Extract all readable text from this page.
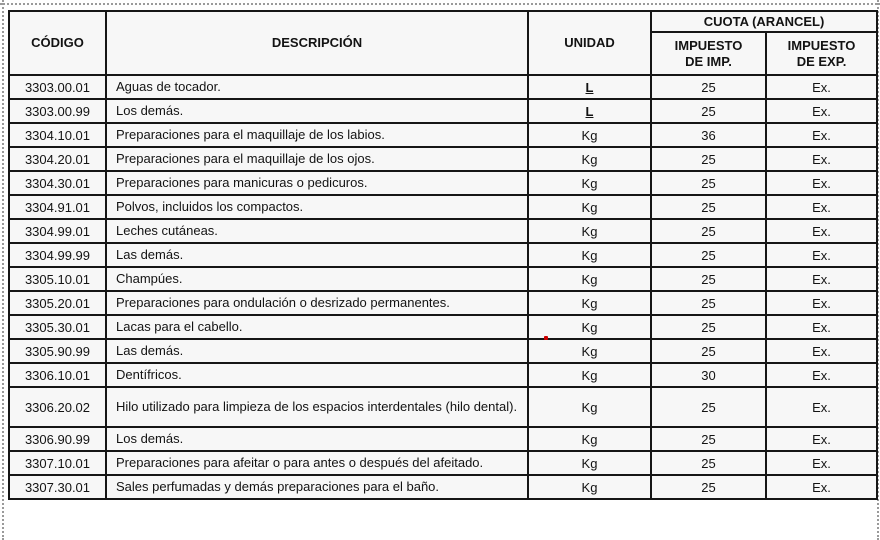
CÓDIGO	DESCRIPCIÓN	UNIDAD	CUOTA (ARANCEL)	
			IMPUESTO DE IMP.	IMPUESTO DE EXP.
3303.00.01	Aguas de tocador.	L	25	Ex.
3303.00.99	Los demás.	L	25	Ex.
3304.10.01	Preparaciones para el maquillaje de los labios.	Kg	36	Ex.
3304.20.01	Preparaciones para el maquillaje de los ojos.	Kg	25	Ex.
3304.30.01	Preparaciones para manicuras o pedicuros.	Kg	25	Ex.
3304.91.01	Polvos, incluidos los compactos.	Kg	25	Ex.
3304.99.01	Leches cutáneas.	Kg	25	Ex.
3304.99.99	Las demás.	Kg	25	Ex.
3305.10.01	Champúes.	Kg	25	Ex.
3305.20.01	Preparaciones para ondulación o desrizado permanentes.	Kg	25	Ex.
3305.30.01	Lacas para el cabello.	Kg	25	Ex.
3305.90.99	Las demás.	Kg	25	Ex.
3306.10.01	Dentífricos.	Kg	30	Ex.
3306.20.02	Hilo utilizado para limpieza de los espacios interdentales (hilo dental).	Kg	25	Ex.
3306.90.99	Los demás.	Kg	25	Ex.
3307.10.01	Preparaciones para afeitar o para antes o después del afeitado.	Kg	25	Ex.
3307.30.01	Sales perfumadas y demás preparaciones para el baño.	Kg	25	Ex.
